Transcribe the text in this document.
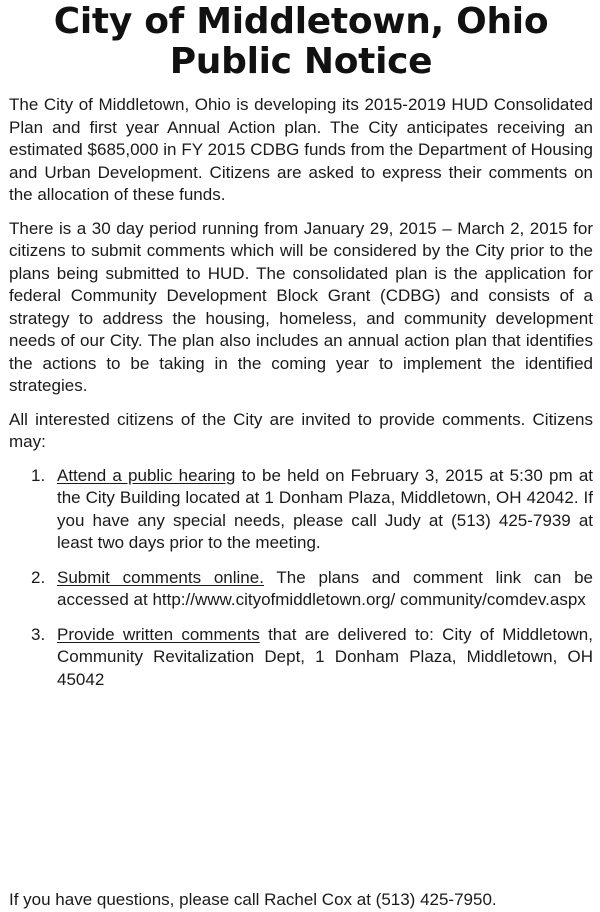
City of Middletown, Ohio
Public Notice

The City of Middletown, Ohio is developing its 2015-2019 HUD Consolidated Plan and first year Annual Action plan. The City anticipates receiving an estimated $685,000 in FY 2015 CDBG funds from the Department of Housing and Urban Development. Citizens are asked to express their comments on the allocation of these funds.

There is a 30 day period running from January 29, 2015 – March 2, 2015 for citizens to submit comments which will be considered by the City prior to the plans being submitted to HUD. The consolidated plan is the application for federal Community Development Block Grant (CDBG) and consists of a strategy to address the housing, homeless, and community development needs of our City. The plan also includes an annual action plan that identifies the actions to be taking in the coming year to implement the identified strategies.

All interested citizens of the City are invited to provide comments. Citizens may:

1. Attend a public hearing to be held on February 3, 2015 at 5:30 pm at the City Building located at 1 Donham Plaza, Middletown, OH 42042. If you have any special needs, please call Judy at (513) 425-7939 at least two days prior to the meeting.
2. Submit comments online. The plans and comment link can be accessed at http://www.cityofmiddletown.org/ community/comdev.aspx
3. Provide written comments that are delivered to: City of Middletown, Community Revitalization Dept, 1 Donham Plaza, Middletown, OH 45042

If you have questions, please call Rachel Cox at (513) 425-7950.
